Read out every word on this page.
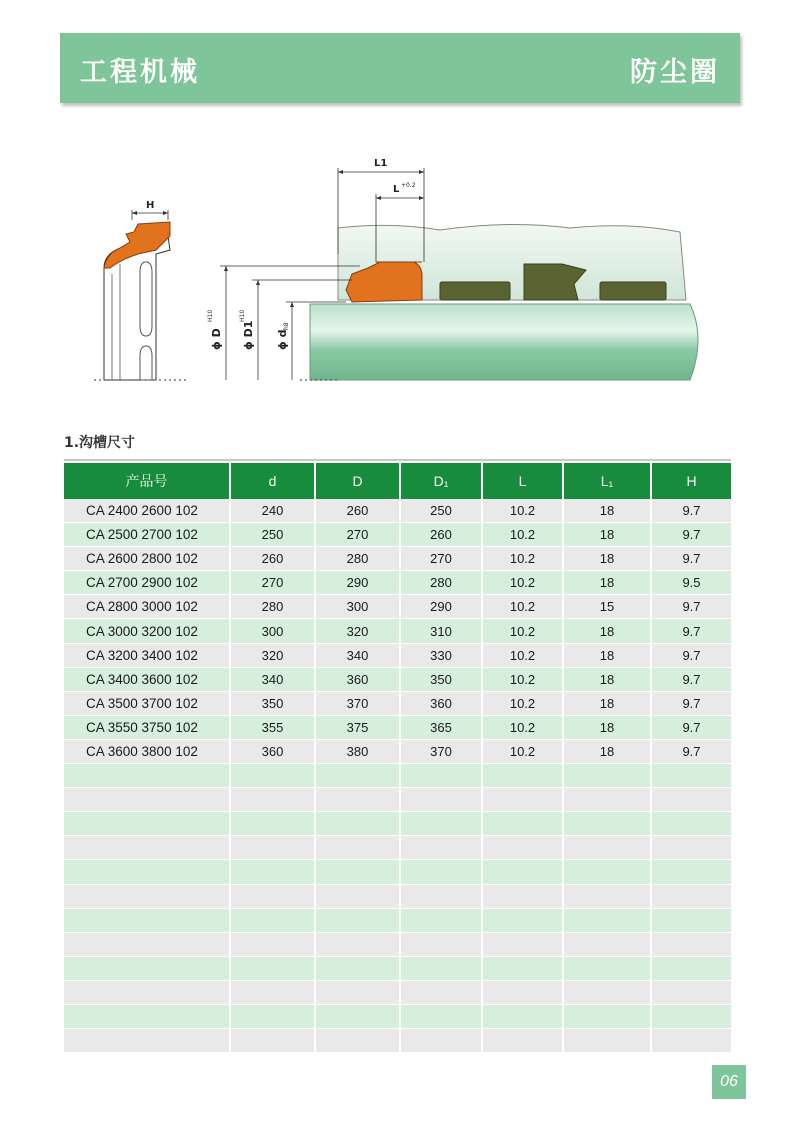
工程机械	防尘圈
H
L1
L +0.2
ϕ D
H10
ϕ D1
H10
ϕ d
h8
1.沟槽尺寸
产品号	d	D	D₁	L	L₁	H
CA 2400 2600 102	240	260	250	10.2	18	9.7
CA 2500 2700 102	250	270	260	10.2	18	9.7
CA 2600 2800 102	260	280	270	10.2	18	9.7
CA 2700 2900 102	270	290	280	10.2	18	9.5
CA 2800 3000 102	280	300	290	10.2	15	9.7
CA 3000 3200 102	300	320	310	10.2	18	9.7
CA 3200 3400 102	320	340	330	10.2	18	9.7
CA 3400 3600 102	340	360	350	10.2	18	9.7
CA 3500 3700 102	350	370	360	10.2	18	9.7
CA 3550 3750 102	355	375	365	10.2	18	9.7
CA 3600 3800 102	360	380	370	10.2	18	9.7

06
